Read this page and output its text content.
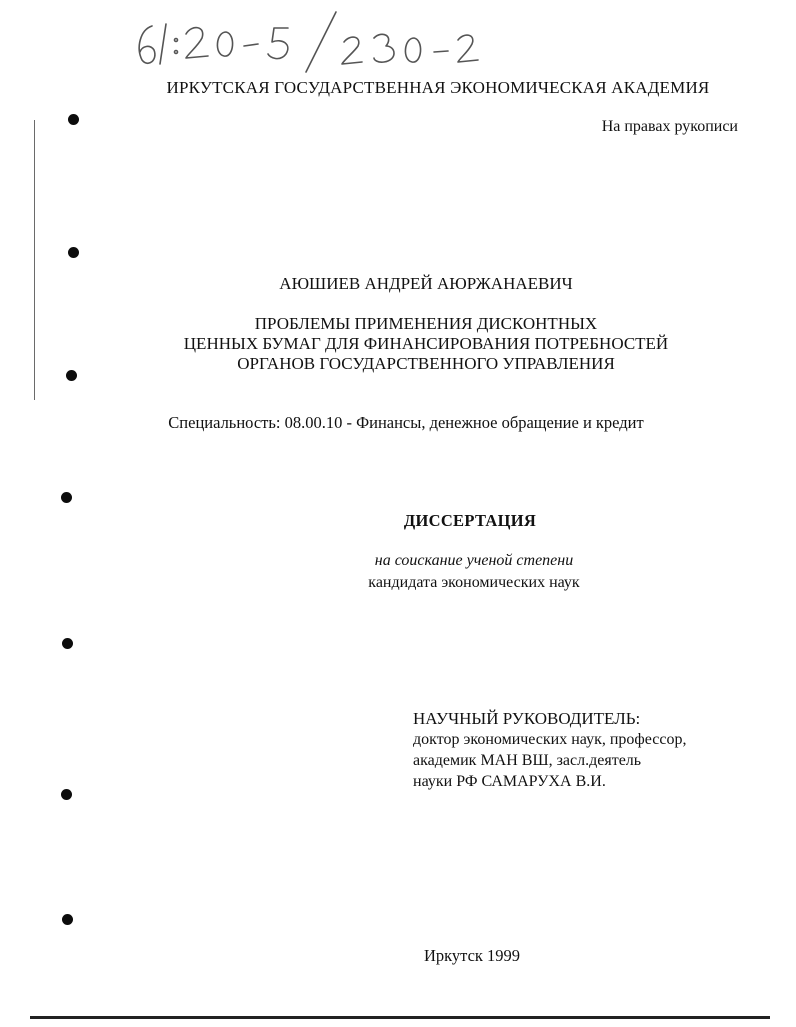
ИРКУТСКАЯ ГОСУДАРСТВЕННАЯ ЭКОНОМИЧЕСКАЯ АКАДЕМИЯ
На правах рукописи
АЮШИЕВ АНДРЕЙ АЮРЖАНАЕВИЧ
ПРОБЛЕМЫ ПРИМЕНЕНИЯ ДИСКОНТНЫХ
ЦЕННЫХ БУМАГ ДЛЯ ФИНАНСИРОВАНИЯ ПОТРЕБНОСТЕЙ
ОРГАНОВ ГОСУДАРСТВЕННОГО УПРАВЛЕНИЯ
Специальность: 08.00.10 - Финансы, денежное обращение и кредит
ДИССЕРТАЦИЯ
на соискание ученой степени
кандидата экономических наук
НАУЧНЫЙ РУКОВОДИТЕЛЬ:
доктор экономических наук, профессор,
академик МАН ВШ, засл.деятель
науки РФ САМАРУХА В.И.
Иркутск 1999
